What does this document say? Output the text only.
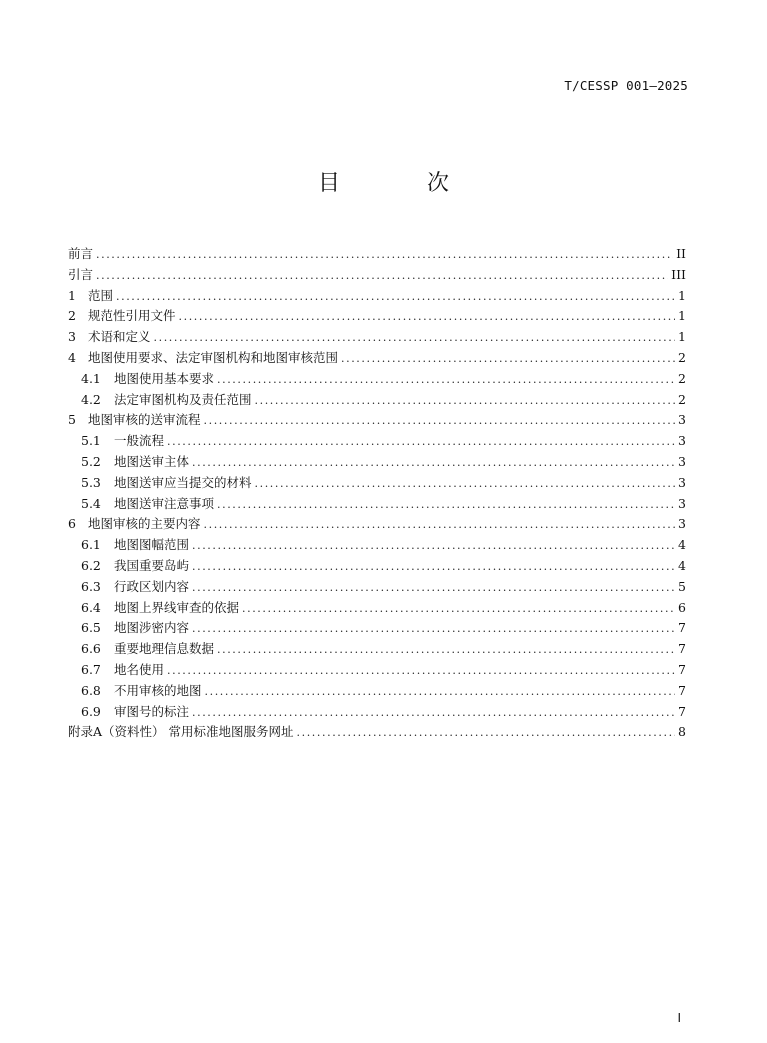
T/CESSP 001—2025
目 次
前言 .....	II
引言 .....	III
1 范围 .....	1
2 规范性引用文件 .....	1
3 术语和定义 .....	1
4 地图使用要求、法定审图机构和地图审核范围 .....	2
4.1 地图使用基本要求 .....	2
4.2 法定审图机构及责任范围 .....	2
5 地图审核的送审流程 .....	3
5.1 一般流程 .....	3
5.2 地图送审主体 .....	3
5.3 地图送审应当提交的材料 .....	3
5.4 地图送审注意事项 .....	3
6 地图审核的主要内容 .....	3
6.1 地图图幅范围 .....	4
6.2 我国重要岛屿 .....	4
6.3 行政区划内容 .....	5
6.4 地图上界线审查的依据 .....	6
6.5 地图涉密内容 .....	7
6.6 重要地理信息数据 .....	7
6.7 地名使用 .....	7
6.8 不用审核的地图 .....	7
6.9 审图号的标注 .....	7
附录A（资料性） 常用标准地图服务网址 .....	8
I
